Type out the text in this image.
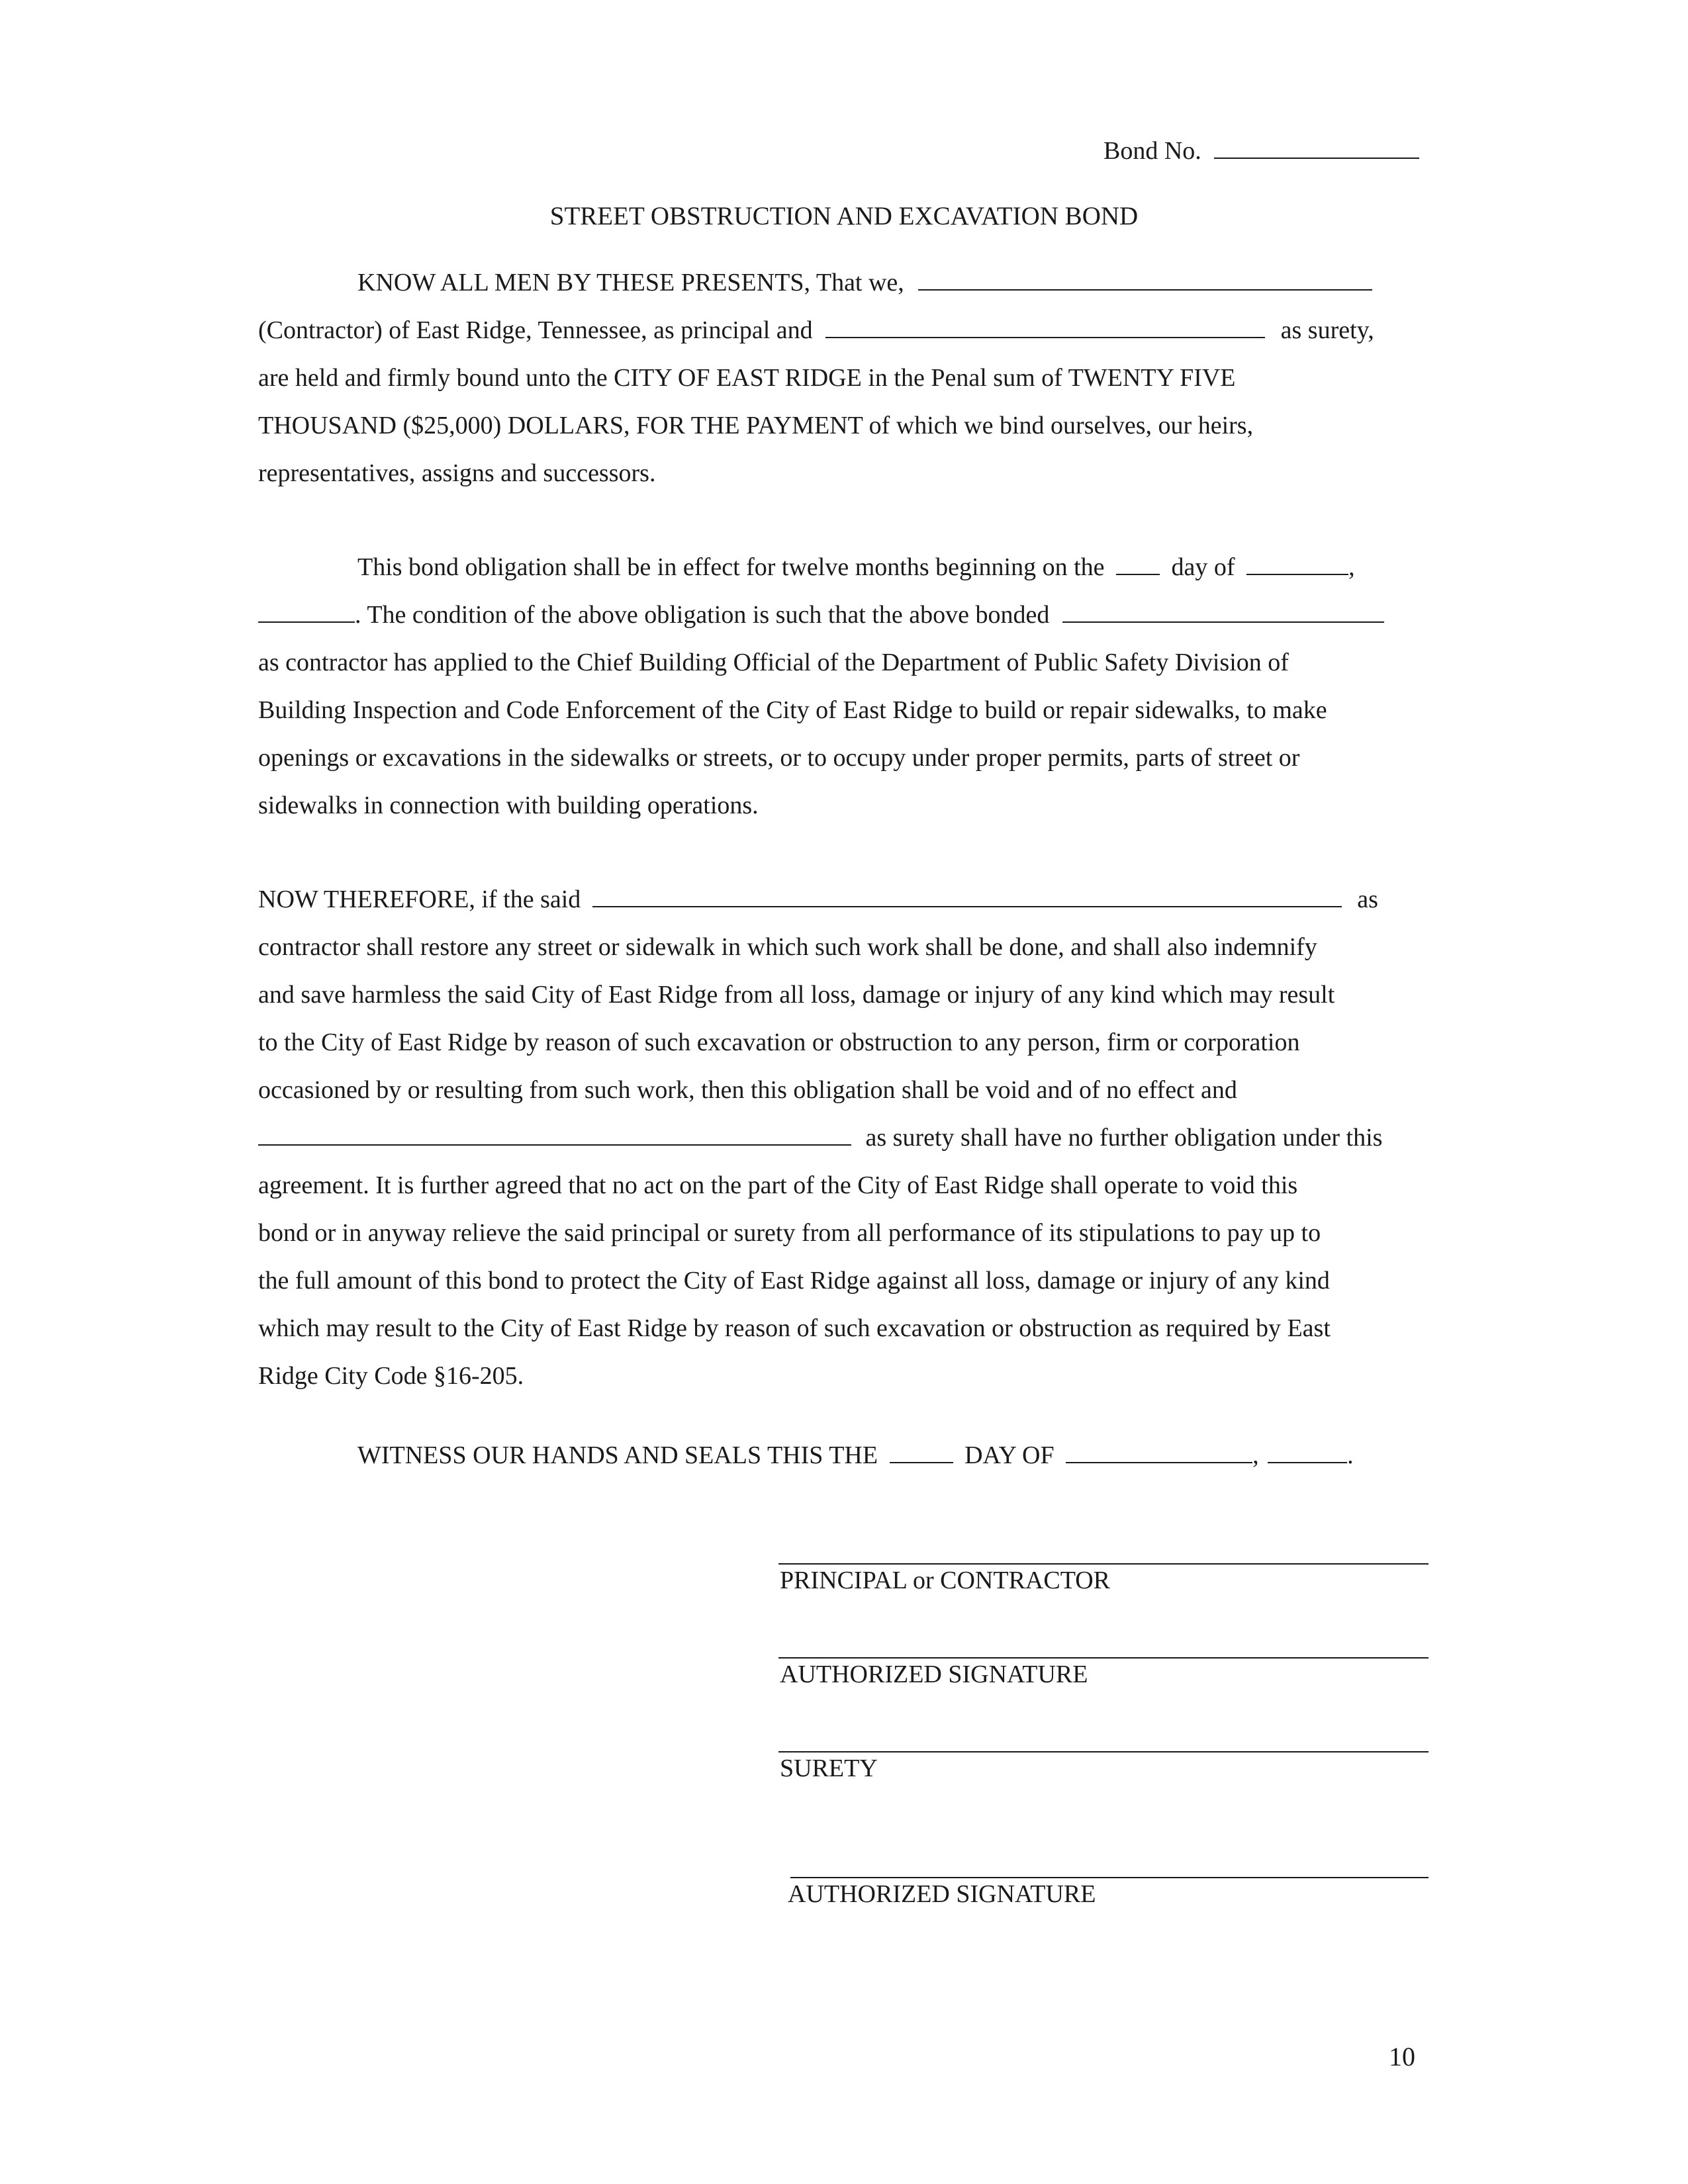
Bond No.
STREET OBSTRUCTION AND EXCAVATION BOND
KNOW ALL MEN BY THESE PRESENTS, That we,
(Contractor) of East Ridge, Tennessee, as principal and	as surety,
are held and firmly bound unto the CITY OF EAST RIDGE in the Penal sum of TWENTY FIVE
THOUSAND ($25,000) DOLLARS, FOR THE PAYMENT of which we bind ourselves, our heirs,
representatives, assigns and successors.
This bond obligation shall be in effect for twelve months beginning on the	day of	,
. The condition of the above obligation is such that the above bonded
as contractor has applied to the Chief Building Official of the Department of Public Safety Division of
Building Inspection and Code Enforcement of the City of East Ridge to build or repair sidewalks, to make
openings or excavations in the sidewalks or streets, or to occupy under proper permits, parts of street or
sidewalks in connection with building operations.
NOW THEREFORE, if the said	as
contractor shall restore any street or sidewalk in which such work shall be done, and shall also indemnify
and save harmless the said City of East Ridge from all loss, damage or injury of any kind which may result
to the City of East Ridge by reason of such excavation or obstruction to any person, firm or corporation
occasioned by or resulting from such work, then this obligation shall be void and of no effect and
as surety shall have no further obligation under this
agreement. It is further agreed that no act on the part of the City of East Ridge shall operate to void this
bond or in anyway relieve the said principal or surety from all performance of its stipulations to pay up to
the full amount of this bond to protect the City of East Ridge against all loss, damage or injury of any kind
which may result to the City of East Ridge by reason of such excavation or obstruction as required by East
Ridge City Code §16-205.
WITNESS OUR HANDS AND SEALS THIS THE	DAY OF	,	.
PRINCIPAL or CONTRACTOR
AUTHORIZED SIGNATURE
SURETY
AUTHORIZED SIGNATURE
10
